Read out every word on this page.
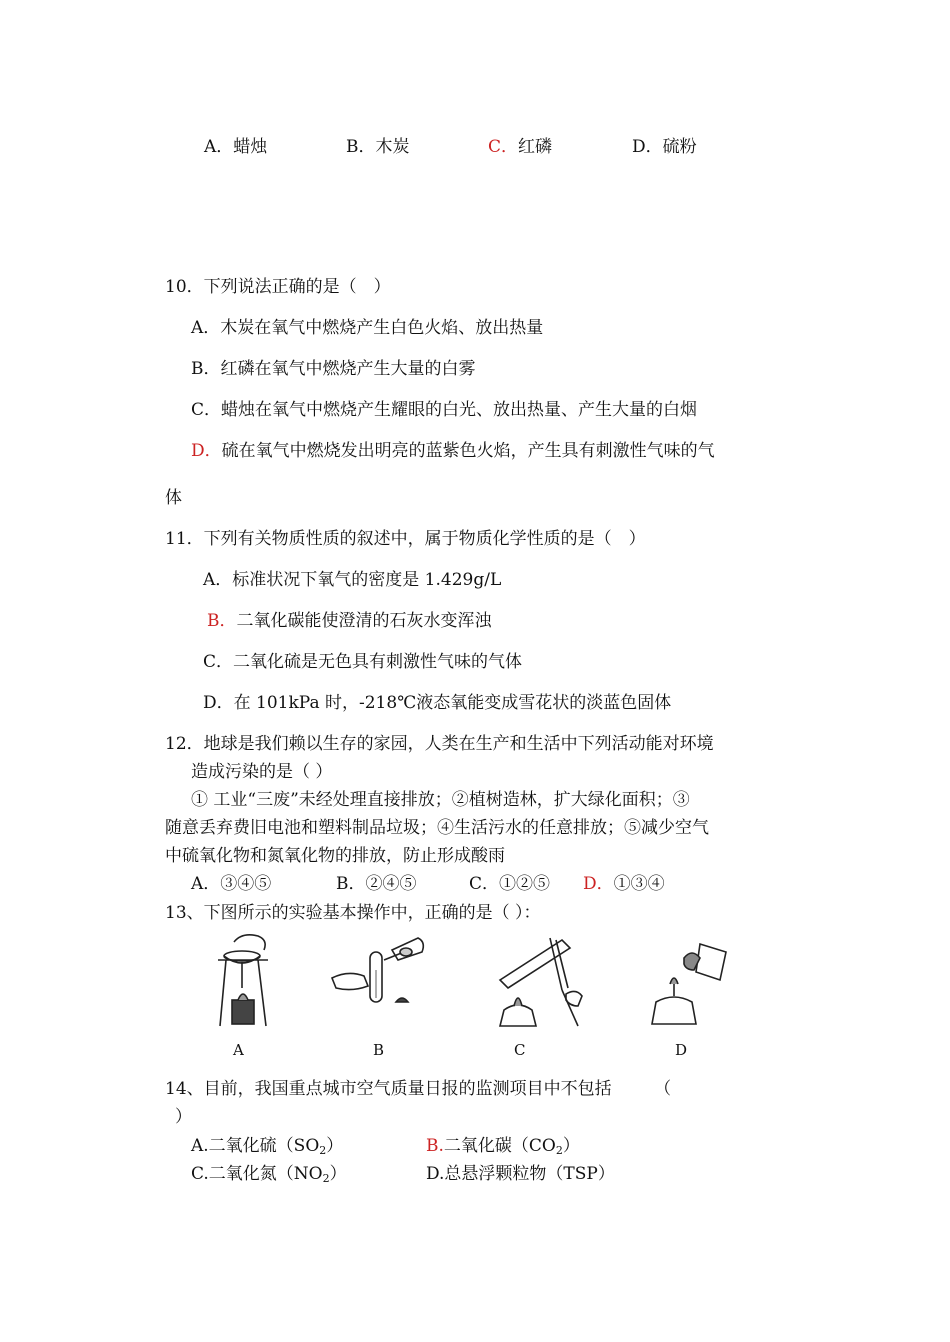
A．蜡烛	B．木炭	C．红磷	D．硫粉
10．下列说法正确的是（　）
A．木炭在氧气中燃烧产生白色火焰、放出热量
B．红磷在氧气中燃烧产生大量的白雾
C．蜡烛在氧气中燃烧产生耀眼的白光、放出热量、产生大量的白烟
D．硫在氧气中燃烧发出明亮的蓝紫色火焰，产生具有刺激性气味的气
体
11．下列有关物质性质的叙述中，属于物质化学性质的是（　）
A．标准状况下氧气的密度是 1.429g/L
B．二氧化碳能使澄清的石灰水变浑浊
C．二氧化硫是无色具有刺激性气味的气体
D．在 101kPa 时，-218℃液态氧能变成雪花状的淡蓝色固体
12．地球是我们赖以生存的家园，人类在生产和生活中下列活动能对环境
造成污染的是（ ）
① 工业“三废”未经处理直接排放；②植树造林，扩大绿化面积；③
随意丢弃费旧电池和塑料制品垃圾；④生活污水的任意排放；⑤减少空气
中硫氧化物和氮氧化物的排放，防止形成酸雨
A．③④⑤	B．②④⑤	C．①②⑤ D．①③④
13、下图所示的实验基本操作中，正确的是（ ）：
A	B	C	D
14、目前，我国重点城市空气质量日报的监测项目中不包括　　　（
）
A.二氧化硫$(SO_2)$	B.二氧化碳$(CO_2)$
C.二氧化氮$(NO_2)$	D.总悬浮颗粒物（TSP）
